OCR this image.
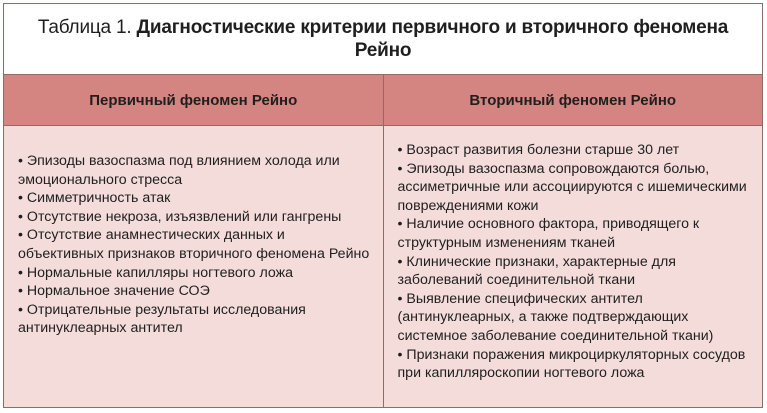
Таблица 1. Диагностические критерии первичного и вторичного феномена Рейно
Первичный феномен Рейно	Вторичный феномен Рейно
• Эпизоды вазоспазма под влиянием холода или эмоционального стресса
• Симметричность атак
• Отсутствие некроза, изъязвлений или гангрены
• Отсутствие анамнестических данных и объективных признаков вторичного феномена Рейно
• Нормальные капилляры ногтевого ложа
• Нормальное значение СОЭ
• Отрицательные результаты исследования антинуклеарных антител
• Возраст развития болезни старше 30 лет
• Эпизоды вазоспазма сопровождаются болью, ассиметричные или ассоциируются с ишемическими повреждениями кожи
• Наличие основного фактора, приводящего к структурным изменениям тканей
• Клинические признаки, характерные для заболеваний соединительной ткани
• Выявление специфических антител (антинуклеарных, а также подтверждающих системное заболевание соединительной ткани)
• Признаки поражения микроциркуляторных сосудов при капилляроскопии ногтевого ложа
